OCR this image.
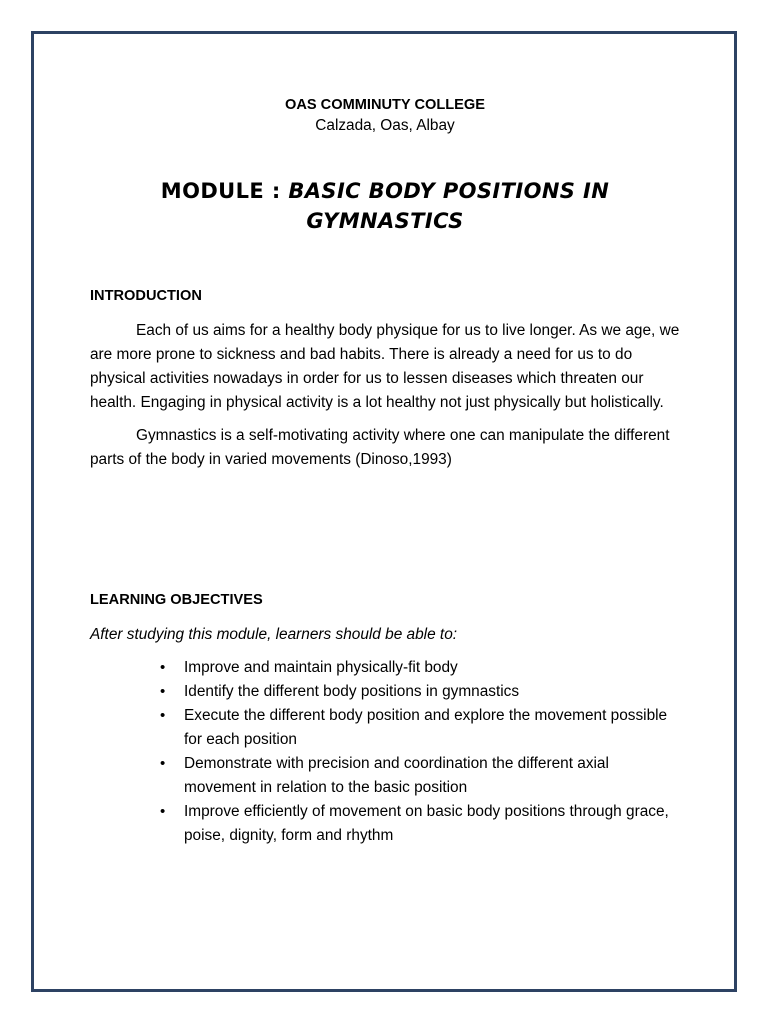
OAS COMMINUTY COLLEGE

Calzada, Oas, Albay

MODULE : BASIC BODY POSITIONS IN GYMNASTICS
INTRODUCTION

Each of us aims for a healthy body physique for us to live longer. As we age, we are more prone to sickness and bad habits. There is already a need for us to do physical activities nowadays in order for us to lessen diseases which threaten our health. Engaging in physical activity is a lot healthy not just physically but holistically.

Gymnastics is a self-motivating activity where one can manipulate the different parts of the body in varied movements (Dinoso,1993)

LEARNING OBJECTIVES

After studying this module, learners should be able to:

• Improve and maintain physically-fit body
• Identify the different body positions in gymnastics
• Execute the different body position and explore the movement possible for each position
• Demonstrate with precision and coordination the different axial movement in relation to the basic position
• Improve efficiently of movement on basic body positions through grace, poise, dignity, form and rhythm
